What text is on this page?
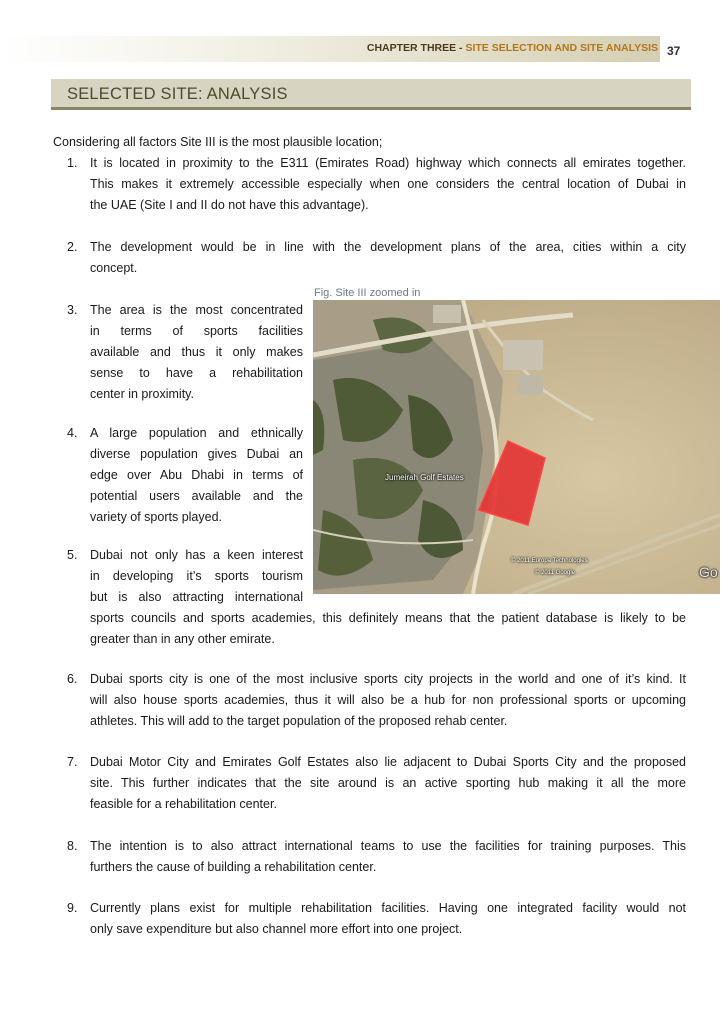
CHAPTER THREE - SITE SELECTION AND SITE ANALYSIS 37
SELECTED SITE: ANALYSIS
Considering all factors Site III is the most plausible location;
Fig. Site III zoomed in
Jumeirah Golf Estates
© 2011 Europa Technologies
© 2011 Google	Go
1.	It is located in proximity to the E311 (Emirates Road) highway which connects all emirates together.
This makes it extremely accessible especially when one considers the central location of Dubai in
the UAE (Site I and II do not have this advantage).
2.	The development would be in line with the development plans of the area, cities within a city
concept.
3.	The area is the most concentrated
in terms of sports facilities
available and thus it only makes
sense to have a rehabilitation
center in proximity.
4.	A large population and ethnically
diverse population gives Dubai an
edge over Abu Dhabi in terms of
potential users available and the
variety of sports played.
5.	Dubai not only has a keen interest
in developing it’s sports tourism
but is also attracting international
sports councils and sports academies, this definitely means that the patient database is likely to be
greater than in any other emirate.
6.	Dubai sports city is one of the most inclusive sports city projects in the world and one of it’s kind. It
will also house sports academies, thus it will also be a hub for non professional sports or upcoming
athletes. This will add to the target population of the proposed rehab center.
7.	Dubai Motor City and Emirates Golf Estates also lie adjacent to Dubai Sports City and the proposed
site. This further indicates that the site around is an active sporting hub making it all the more
feasible for a rehabilitation center.
8.	The intention is to also attract international teams to use the facilities for training purposes. This
furthers the cause of building a rehabilitation center.
9.	Currently plans exist for multiple rehabilitation facilities. Having one integrated facility would not
only save expenditure but also channel more effort into one project.
